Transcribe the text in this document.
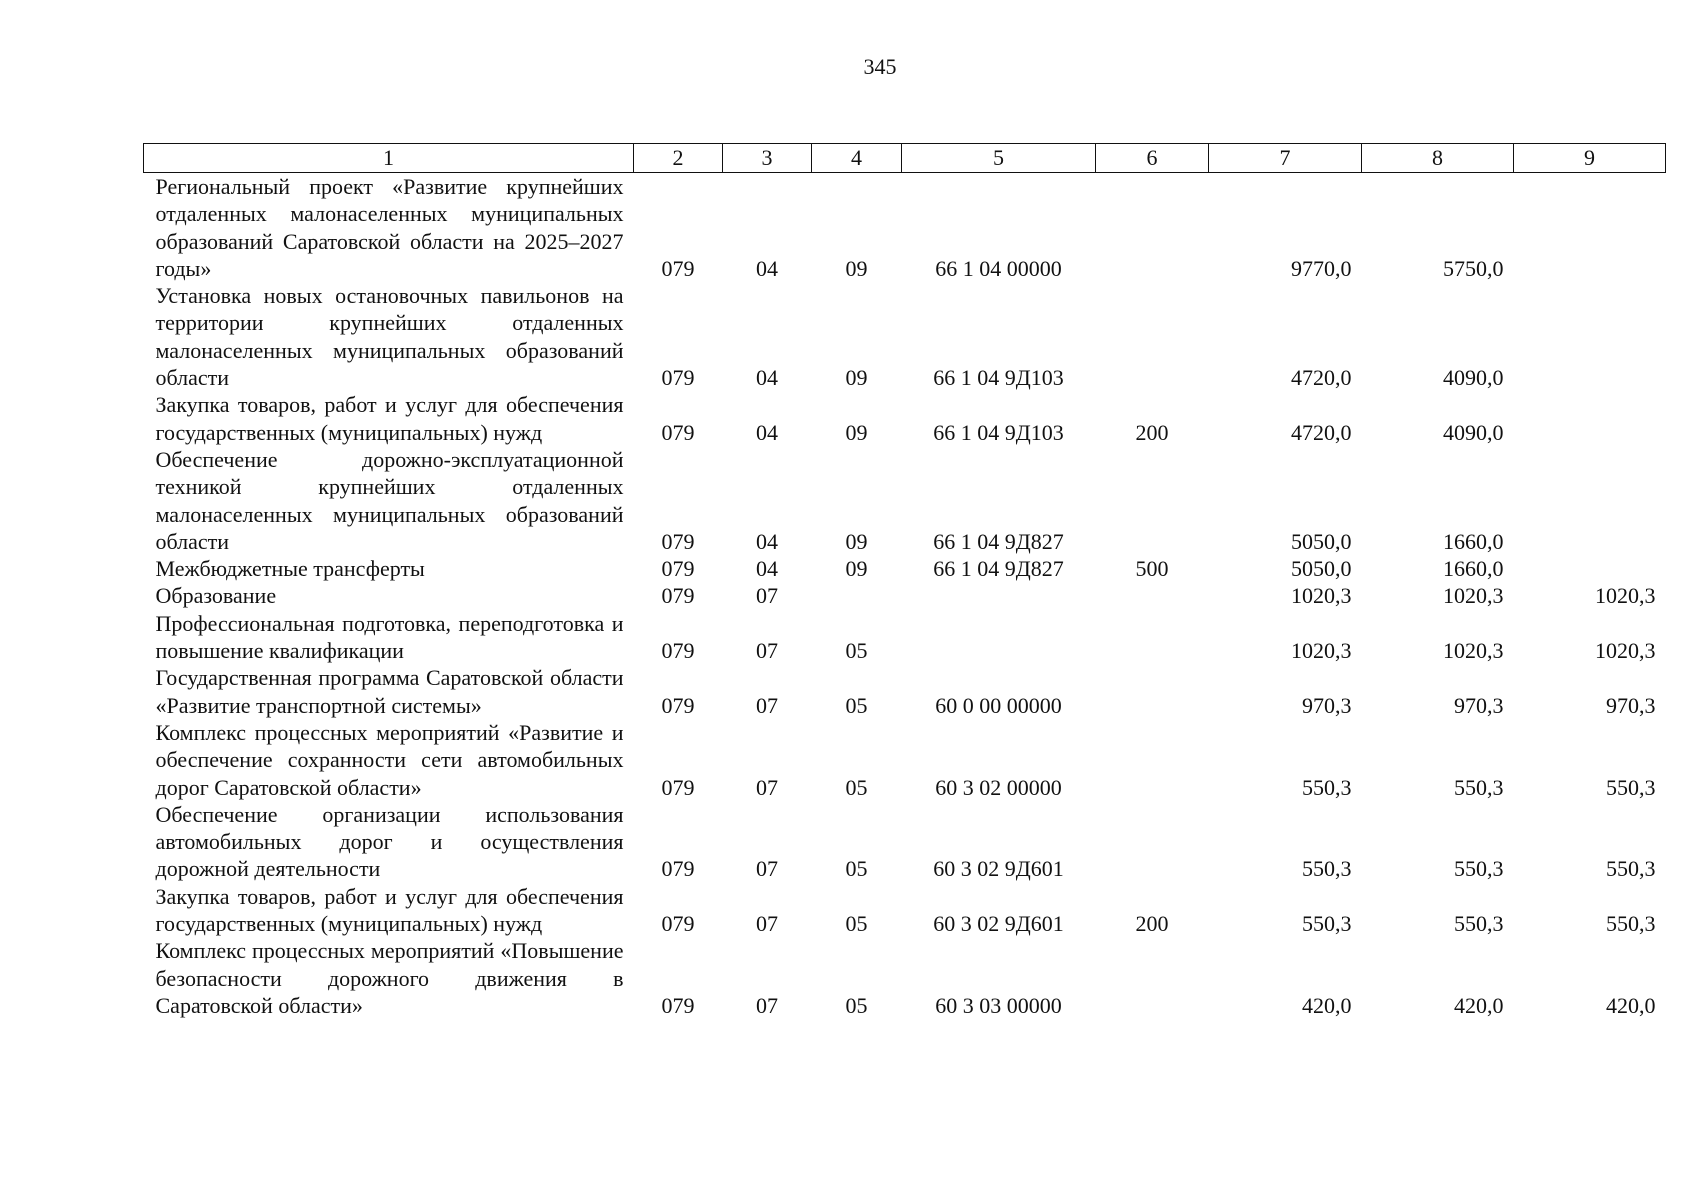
345
1	2	3	4	5	6	7	8	9
Региональный проект «Развитие крупнейших отдаленных малонаселенных муниципальных образований Саратовской области на 2025–2027 годы»	079	04	09	66 1 04 00000		9770,0	5750,0	
Установка новых остановочных павильонов на территории крупнейших отдаленных малонаселенных муниципальных образований области	079	04	09	66 1 04 9Д103		4720,0	4090,0	
Закупка товаров, работ и услуг для обеспечения государственных (муниципальных) нужд	079	04	09	66 1 04 9Д103	200	4720,0	4090,0	
Обеспечение дорожно-эксплуатационной техникой крупнейших отдаленных малонаселенных муниципальных образований области	079	04	09	66 1 04 9Д827		5050,0	1660,0	
Межбюджетные трансферты	079	04	09	66 1 04 9Д827	500	5050,0	1660,0	
Образование	079	07				1020,3	1020,3	1020,3
Профессиональная подготовка, переподготовка и повышение квалификации	079	07	05			1020,3	1020,3	1020,3
Государственная программа Саратовской области «Развитие транспортной системы»	079	07	05	60 0 00 00000		970,3	970,3	970,3
Комплекс процессных мероприятий «Развитие и обеспечение сохранности сети автомобильных дорог Саратовской области»	079	07	05	60 3 02 00000		550,3	550,3	550,3
Обеспечение организации использования автомобильных дорог и осуществления дорожной деятельности	079	07	05	60 3 02 9Д601		550,3	550,3	550,3
Закупка товаров, работ и услуг для обеспечения государственных (муниципальных) нужд	079	07	05	60 3 02 9Д601	200	550,3	550,3	550,3
Комплекс процессных мероприятий «Повышение безопасности дорожного движения в Саратовской области»	079	07	05	60 3 03 00000		420,0	420,0	420,0
